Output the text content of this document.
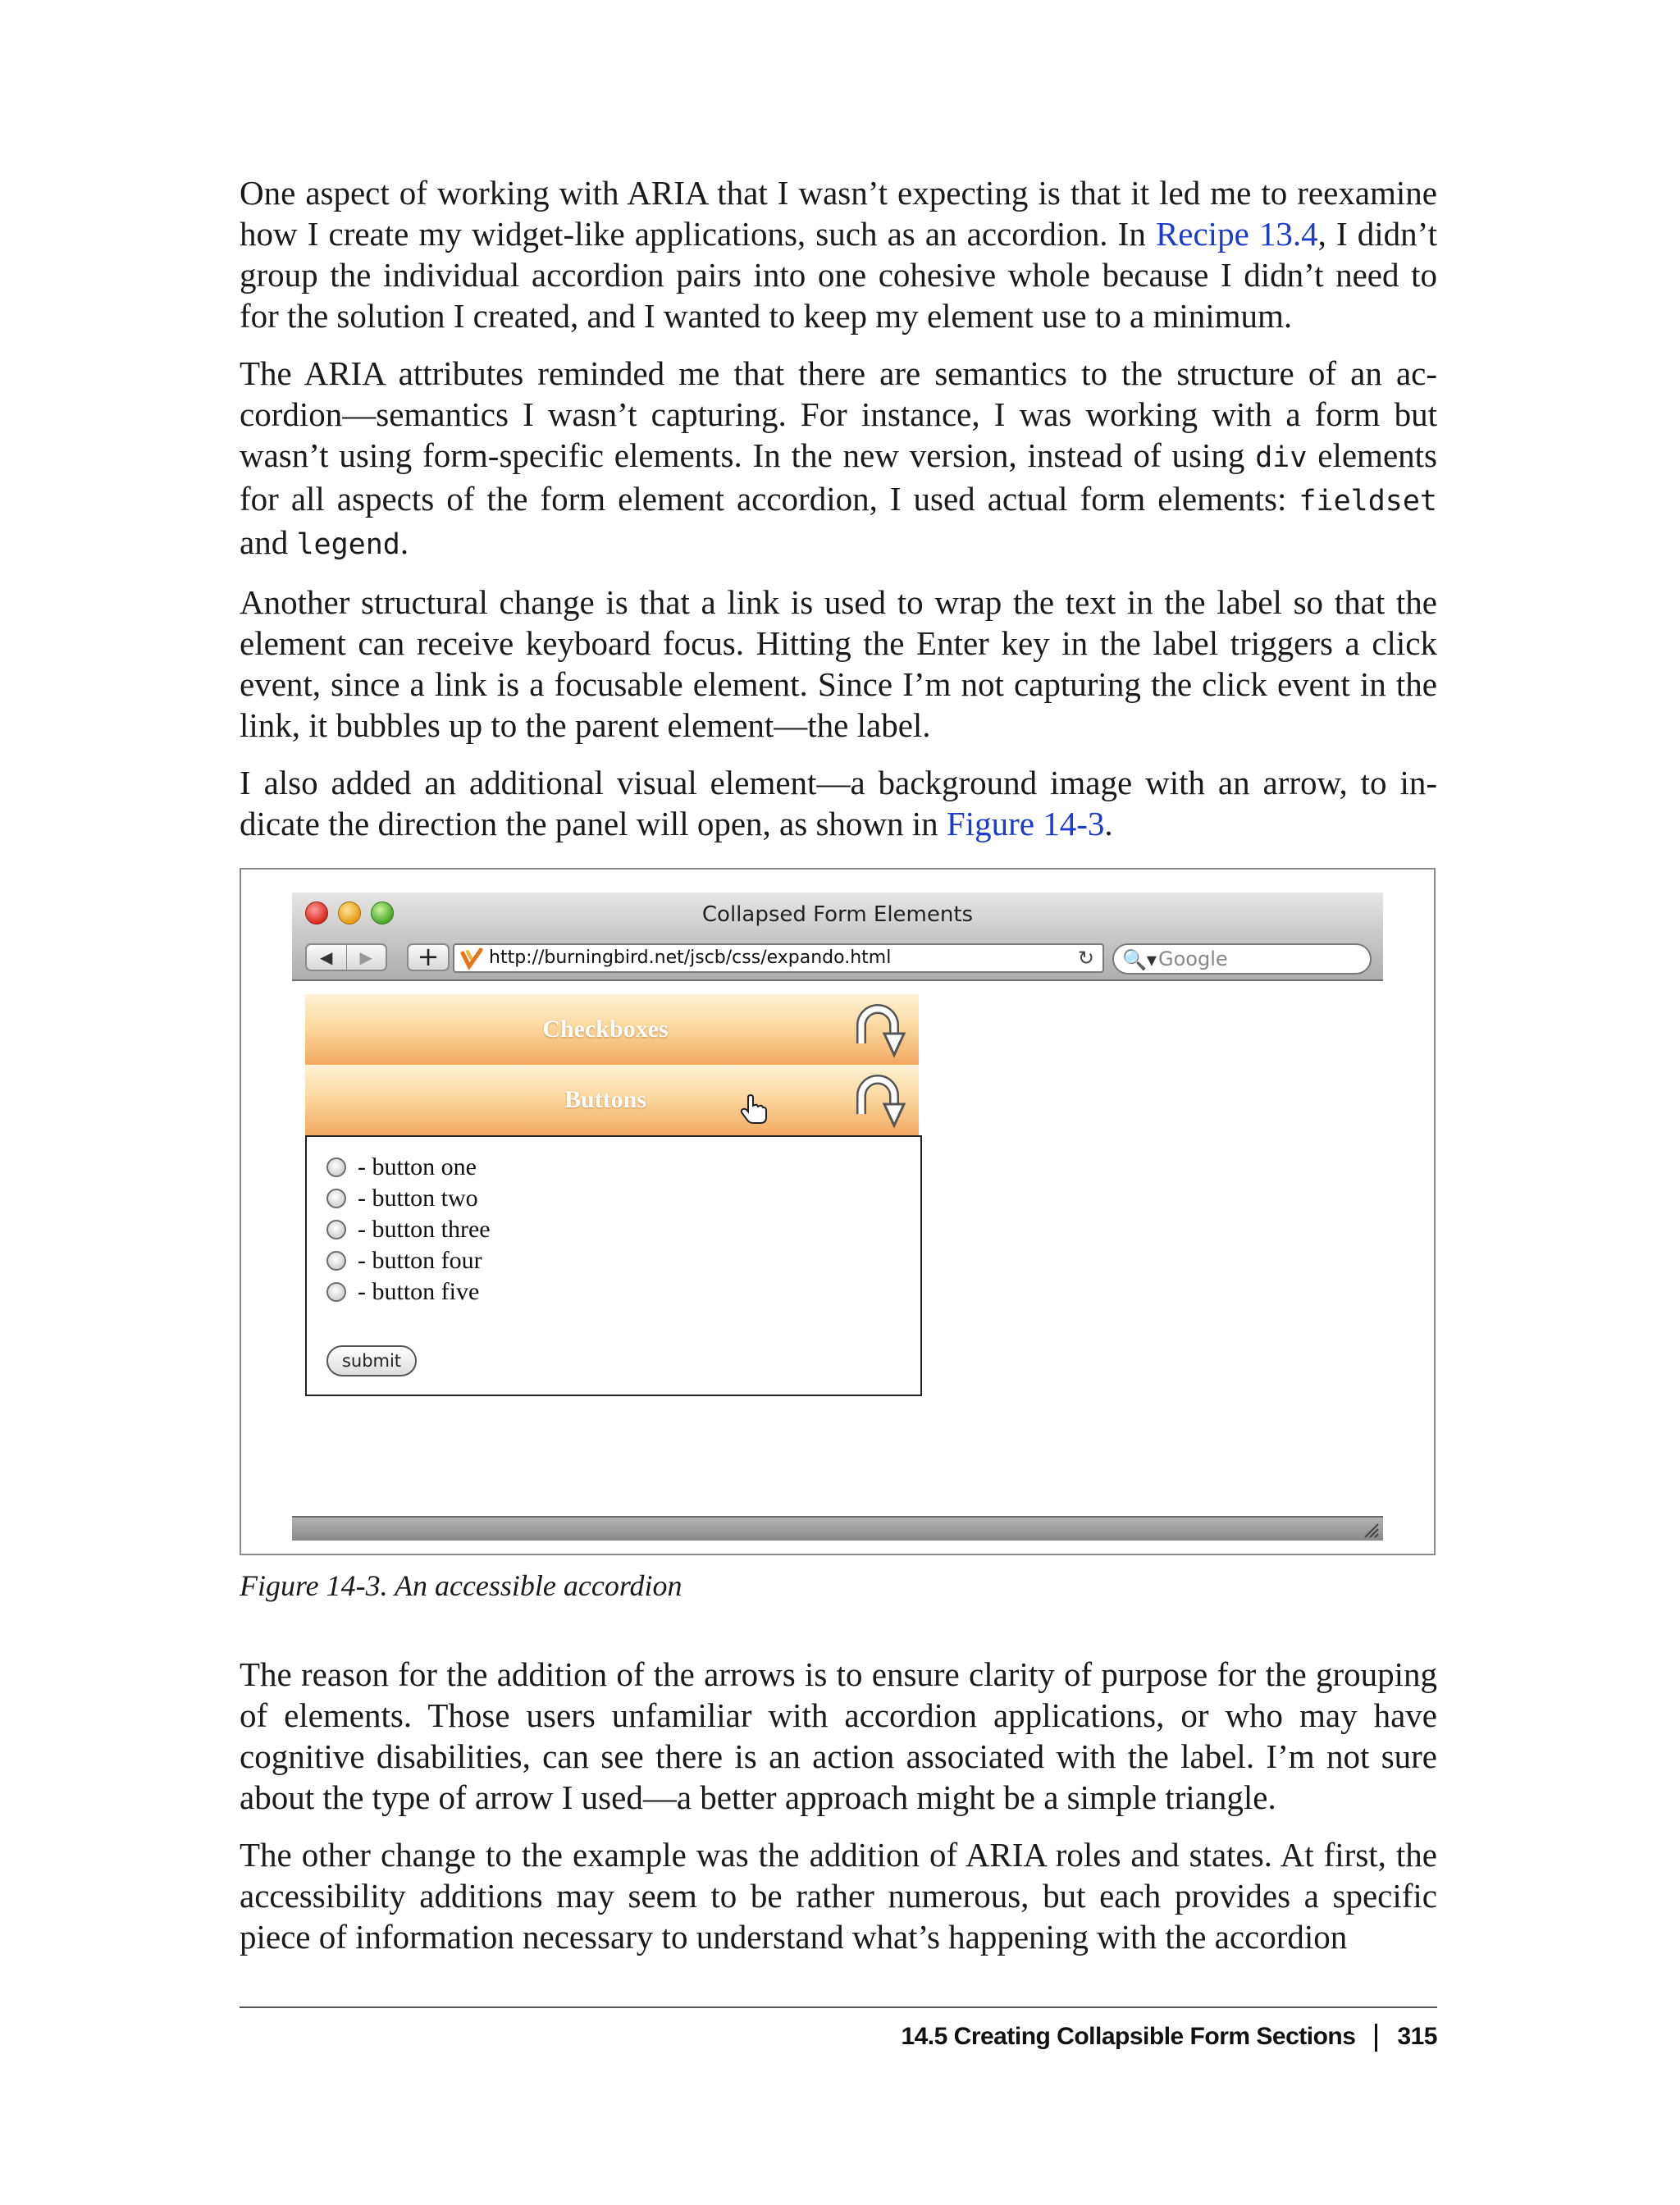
One aspect of working with ARIA that I wasn’t expecting is that it led me to reexamine how I create my widget-like applications, such as an accordion. In Recipe 13.4, I didn’t group the individual accordion pairs into one cohesive whole because I didn’t need to for the solution I created, and I wanted to keep my element use to a minimum.

The ARIA attributes reminded me that there are semantics to the structure of an ac-cordion—semantics I wasn’t capturing. For instance, I was working with a form but wasn’t using form-specific elements. In the new version, instead of using div elements for all aspects of the form element accordion, I used actual form elements: fieldset and legend.

Another structural change is that a link is used to wrap the text in the label so that the element can receive keyboard focus. Hitting the Enter key in the label triggers a click event, since a link is a focusable element. Since I’m not capturing the click event in the link, it bubbles up to the parent element—the label.

I also added an additional visual element—a background image with an arrow, to in-dicate the direction the panel will open, as shown in Figure 14-3.

Collapsed Form Elements
◀	▶	+	http://burningbird.net/jscb/css/expando.html	↻ 🔍▾ Google
Checkboxes
Buttons
- button one
- button two
- button three
- button four
- button five
submit
Figure 14-3. An accessible accordion

The reason for the addition of the arrows is to ensure clarity of purpose for the grouping of elements. Those users unfamiliar with accordion applications, or who may have cognitive disabilities, can see there is an action associated with the label. I’m not sure about the type of arrow I used—a better approach might be a simple triangle.

The other change to the example was the addition of ARIA roles and states. At first, the accessibility additions may seem to be rather numerous, but each provides a specific piece of information necessary to understand what’s happening with the accordion

14.5 Creating Collapsible Form Sections 315
